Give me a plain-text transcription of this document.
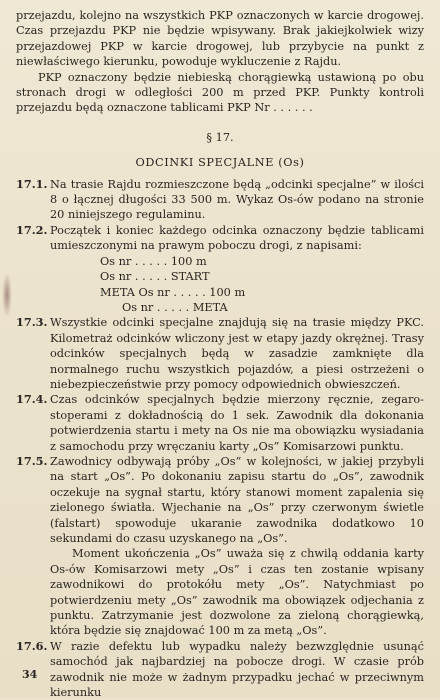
przejazdu, kolejno na wszystkich PKP oznaczonych w karcie drogowej. Czas przejazdu PKP nie będzie wpisywany. Brak jakiejkolwiek wizy przejazdowej PKP w karcie drogowej, lub przybycie na punkt z niewłaściwego kierunku, powoduje wykluczenie z Rajdu.

PKP oznaczony będzie niebieską chorągiewką ustawioną po obu stronach drogi w odległości 200 m przed PKP. Punkty kontroli przejazdu będą oznaczone tablicami PKP Nr . . . . . .

§ 17.

ODCINKI SPECJALNE (Os)

17.1. Na trasie Rajdu rozmieszczone będą „odcinki specjalne” w ilości 8 o łącznej długości 33 500 m. Wykaz Os-ów podano na stronie 20 niniejszego regulaminu.

17.2. Początek i koniec każdego odcinka oznaczony będzie tablicami umieszczonymi na prawym poboczu drogi, z napisami:

Os nr . . . . . 100 m

Os nr . . . . . START

META Os nr . . . . . 100 m

Os nr . . . . . META

17.3. Wszystkie odcinki specjalne znajdują się na trasie między PKC. Kilometraż odcinków wliczony jest w etapy jazdy okrężnej. Trasy odcinków specjalnych będą w zasadzie zamknięte dla normalnego ruchu wszystkich pojazdów, a piesi ostrzeżeni o niebezpieczeństwie przy pomocy odpowiednich obwieszczeń.

17.4. Czas odcinków specjalnych będzie mierzony ręcznie, zegaro-stoperami z dokładnością do 1 sek. Zawodnik dla dokonania potwierdzenia startu i mety na Os nie ma obowiązku wysiadania z samochodu przy wręczaniu karty „Os” Komisarzowi punktu.

17.5. Zawodnicy odbywają próby „Os” w kolejności, w jakiej przybyli na start „Os”. Po dokonaniu zapisu startu do „Os”, zawodnik oczekuje na sygnał startu, który stanowi moment zapalenia się zielonego światła. Wjechanie na „Os” przy czerwonym świetle (falstart) spowoduje ukaranie zawodnika dodatkowo 10 sekundami do czasu uzyskanego na „Os”.

Moment ukończenia „Os” uważa się z chwilą oddania karty Os-ów Komisarzowi mety „Os” i czas ten zostanie wpisany zawodnikowi do protokółu mety „Os”. Natychmiast po potwierdzeniu mety „Os” zawodnik ma obowiązek odjechania z punktu. Zatrzymanie jest dozwolone za zieloną chorągiewką, która będzie się znajdować 100 m za metą „Os”.

17.6. W razie defektu lub wypadku należy bezwzględnie usunąć samochód jak najbardziej na pobocze drogi. W czasie prób zawodnik nie może w żadnym przypadku jechać w przeciwnym kierunku

34
